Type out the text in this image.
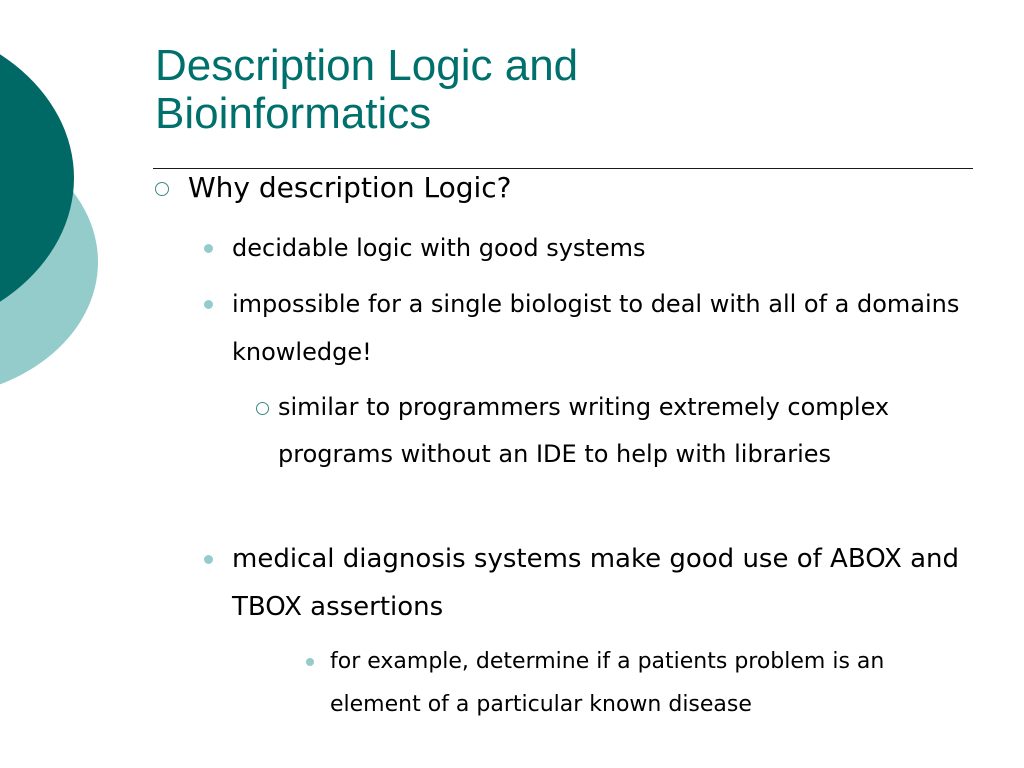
Description Logic and
Bioinformatics
Why description Logic?
decidable logic with good systems
impossible for a single biologist to deal with all of a domains knowledge!
similar to programmers writing extremely complex programs without an IDE to help with libraries
medical diagnosis systems make good use of ABOX and TBOX assertions
for example, determine if a patients problem is an element of a particular known disease
